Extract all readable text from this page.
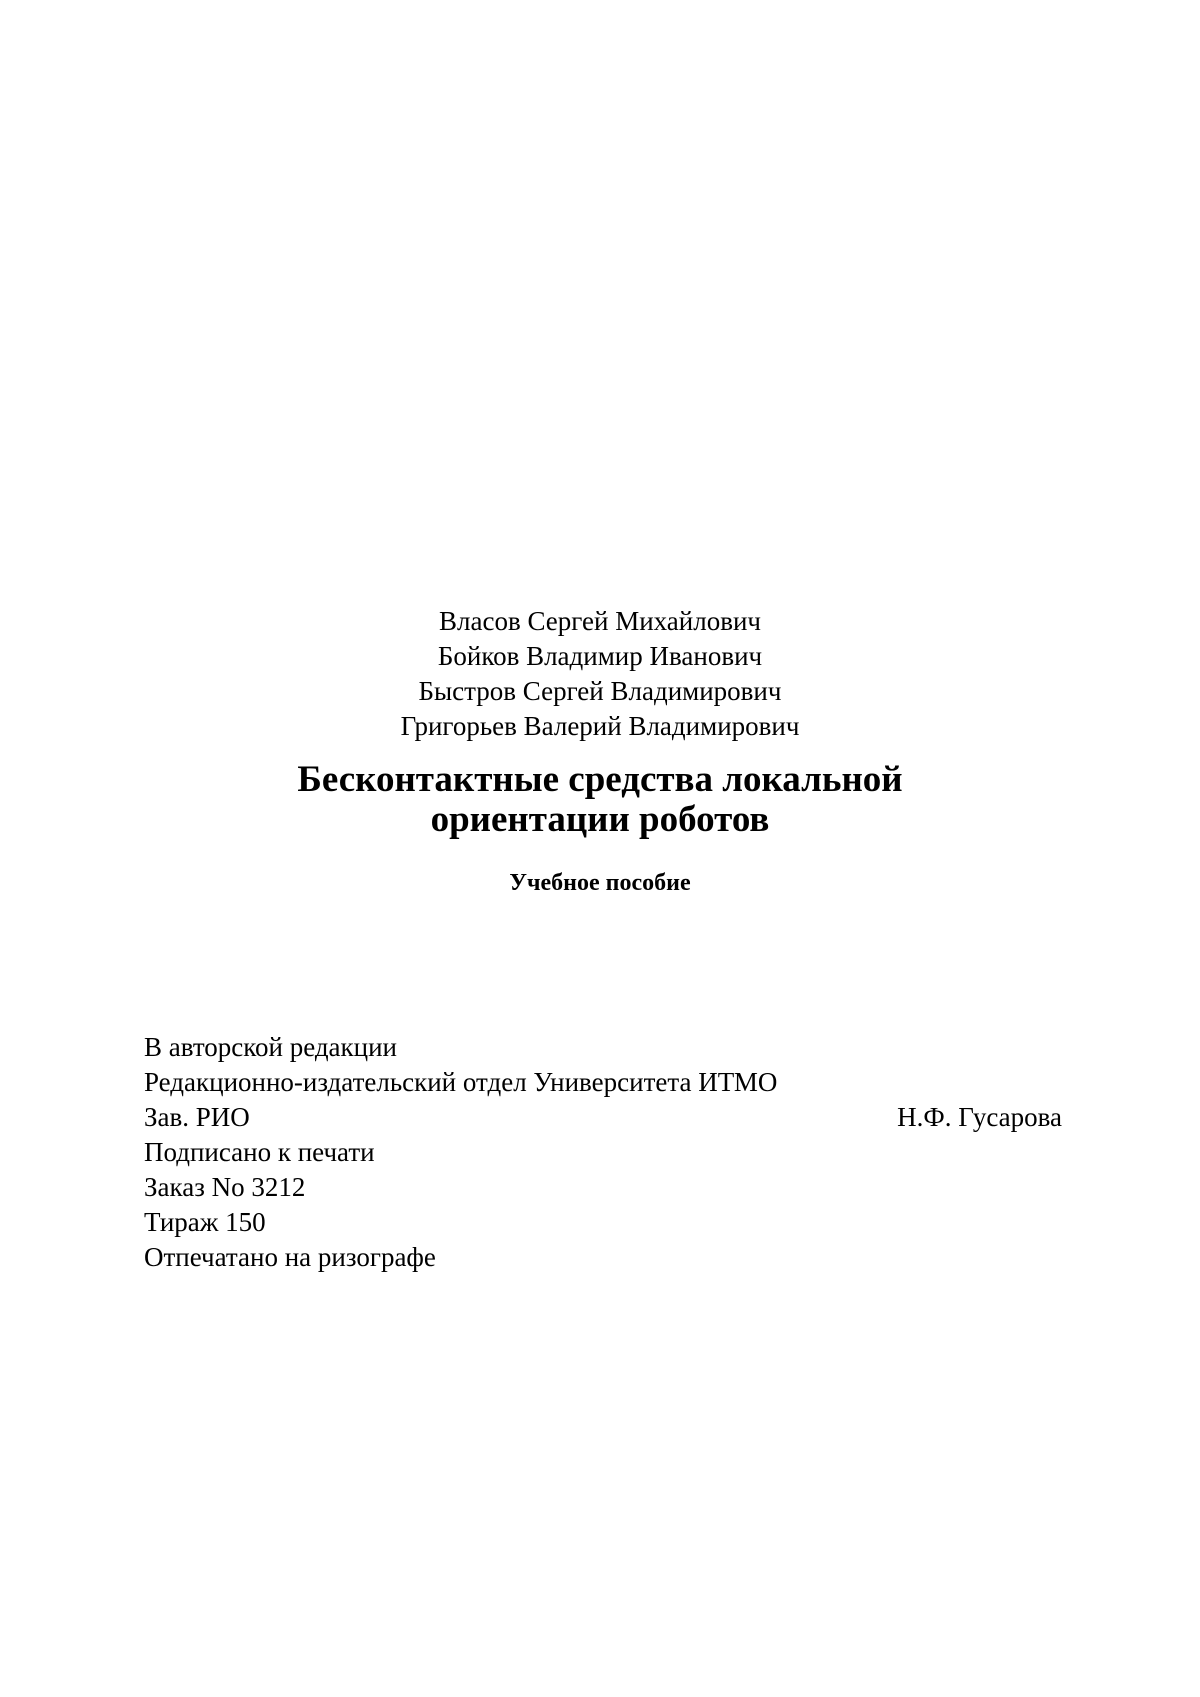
Власов Сергей Михайлович
Бойков Владимир Иванович
Быстров Сергей Владимирович
Григорьев Валерий Владимирович
Бесконтактные средства локальной
ориентации роботов
Учебное пособие
В авторской редакции
Редакционно-издательский отдел Университета ИТМО
Зав. РИО	Н.Ф. Гусарова
Подписано к печати
Заказ No 3212
Тираж 150
Отпечатано на ризографе
